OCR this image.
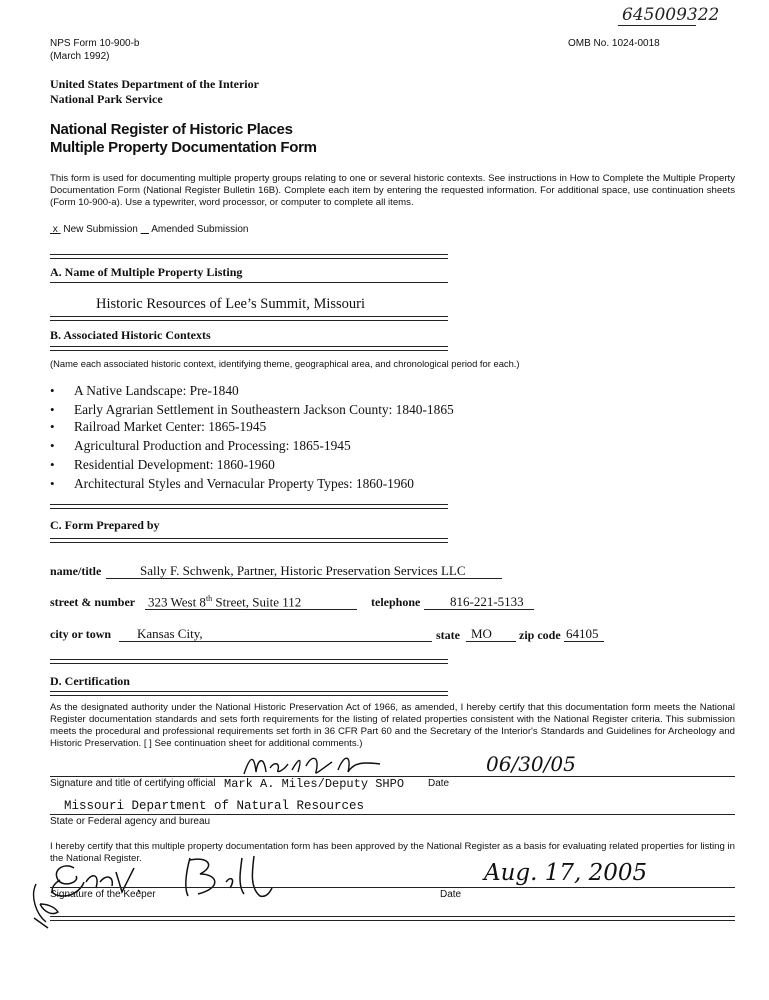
645009322
NPS Form 10-900-b
(March 1992)
OMB No. 1024-0018
United States Department of the Interior
National Park Service
National Register of Historic Places
Multiple Property Documentation Form
This form is used for documenting multiple property groups relating to one or several historic contexts. See instructions in How to Complete the Multiple Property Documentation Form (National Register Bulletin 16B). Complete each item by entering the requested information. For additional space, use continuation sheets (Form 10-900-a). Use a typewriter, word processor, or computer to complete all items.
x New Submission Amended Submission
A. Name of Multiple Property Listing
Historic Resources of Lee’s Summit, Missouri
B. Associated Historic Contexts
(Name each associated historic context, identifying theme, geographical area, and chronological period for each.)
• A Native Landscape: Pre-1840
• Early Agrarian Settlement in Southeastern Jackson County: 1840-1865
• Railroad Market Center: 1865-1945
• Agricultural Production and Processing: 1865-1945
• Residential Development: 1860-1960
• Architectural Styles and Vernacular Property Types: 1860-1960
C. Form Prepared by
name/title	Sally F. Schwenk, Partner, Historic Preservation Services LLC
street & number 323 West 8th Street, Suite 112	telephone 816-221-5133
city or town Kansas City,	state MO zip code 64105
D. Certification
As the designated authority under the National Historic Preservation Act of 1966, as amended, I hereby certify that this documentation form meets the National Register documentation standards and sets forth requirements for the listing of related properties consistent with the National Register criteria. This submission meets the procedural and professional requirements set forth in 36 CFR Part 60 and the Secretary of the Interior's Standards and Guidelines for Archeology and Historic Preservation. [ ] See continuation sheet for additional comments.)
06/30/05
Signature and title of certifying official Mark A. Miles/Deputy SHPO Date
Missouri Department of Natural Resources
State or Federal agency and bureau
I hereby certify that this multiple property documentation form has been approved by the National Register as a basis for evaluating related properties for listing in the National Register.
Aug. 17, 2005
Signature of the Keeper	Date
